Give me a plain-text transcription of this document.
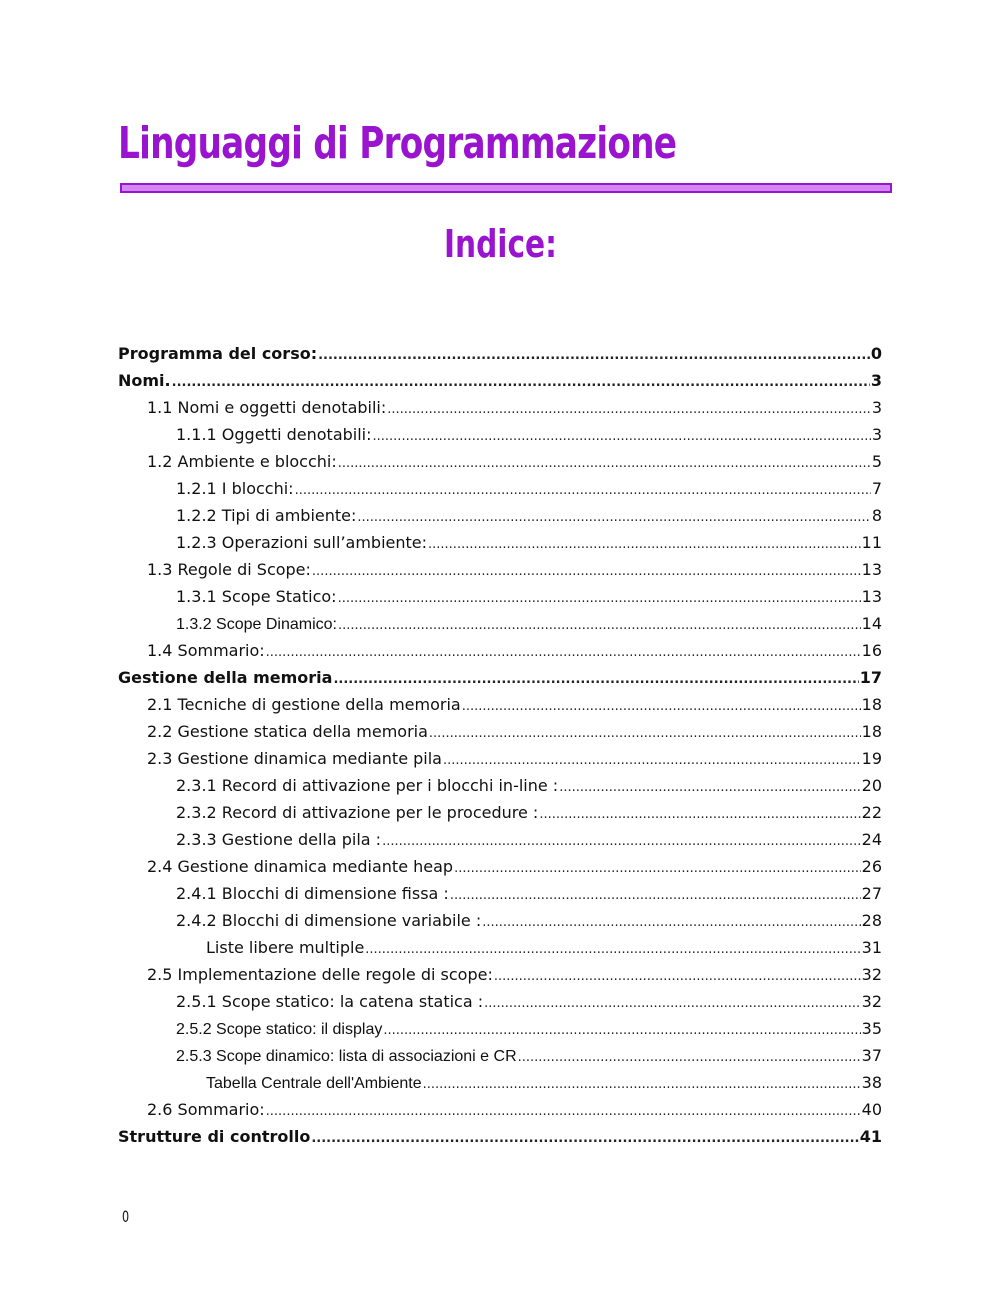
Linguaggi di Programmazione
Indice:
Programma del corso: .....	0
Nomi. .....	3
1.1 Nomi e oggetti denotabili: .....	3
1.1.1 Oggetti denotabili: .....	3
1.2 Ambiente e blocchi: .....	5
1.2.1 I blocchi: .....	7
1.2.2 Tipi di ambiente: .....	8
1.2.3 Operazioni sull’ambiente: .....	11
1.3 Regole di Scope: .....	13
1.3.1 Scope Statico: .....	13
1.3.2 Scope Dinamico: .....	14
1.4 Sommario: .....	16
Gestione della memoria .....	17
2.1 Tecniche di gestione della memoria .....	18
2.2 Gestione statica della memoria .....	18
2.3 Gestione dinamica mediante pila .....	19
2.3.1 Record di attivazione per i blocchi in-line : .....	20
2.3.2 Record di attivazione per le procedure : .....	22
2.3.3 Gestione della pila : .....	24
2.4 Gestione dinamica mediante heap .....	26
2.4.1 Blocchi di dimensione fissa : .....	27
2.4.2 Blocchi di dimensione variabile : .....	28
Liste libere multiple .....	31
2.5 Implementazione delle regole di scope: .....	32
2.5.1 Scope statico: la catena statica : .....	32
2.5.2 Scope statico: il display .....	35
2.5.3 Scope dinamico: lista di associazioni e CR .....	37
Tabella Centrale dell'Ambiente .....	38
2.6 Sommario: .....	40
Strutture di controllo .....	41
0
